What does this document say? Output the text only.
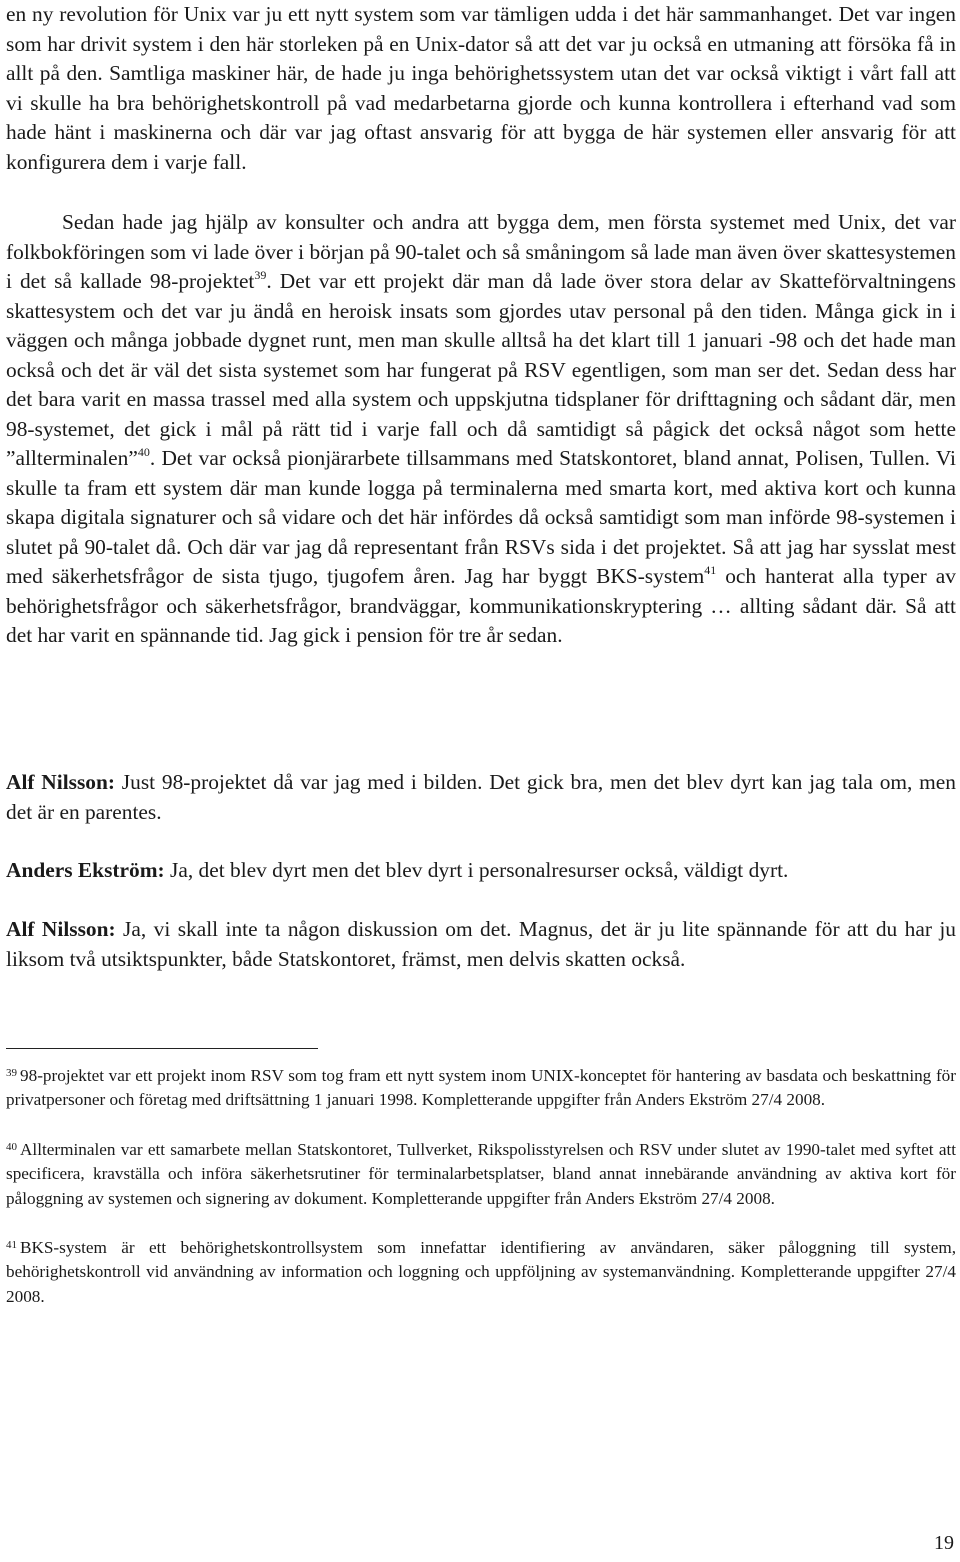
en ny revolution för Unix var ju ett nytt system som var tämligen udda i det här sammanhanget. Det var ingen som har drivit system i den här storleken på en Unix-dator så att det var ju också en utmaning att försöka få in allt på den. Samtliga maskiner här, de hade ju inga behörighetssystem utan det var också viktigt i vårt fall att vi skulle ha bra behörighetskontroll på vad medarbetarna gjorde och kunna kontrollera i efterhand vad som hade hänt i maskinerna och där var jag oftast ansvarig för att bygga de här systemen eller ansvarig för att konfigurera dem i varje fall.

Sedan hade jag hjälp av konsulter och andra att bygga dem, men första systemet med Unix, det var folkbokföringen som vi lade över i början på 90-talet och så småningom så lade man även över skattesystemen i det så kallade 98-projektet$^{39}$. Det var ett projekt där man då lade över stora delar av Skatteförvaltningens skattesystem och det var ju ändå en heroisk insats som gjordes utav personal på den tiden. Många gick in i väggen och många jobbade dygnet runt, men man skulle alltså ha det klart till 1 januari -98 och det hade man också och det är väl det sista systemet som har fungerat på RSV egentligen, som man ser det. Sedan dess har det bara varit en massa trassel med alla system och uppskjutna tidsplaner för drifttagning och sådant där, men 98-systemet, det gick i mål på rätt tid i varje fall och då samtidigt så pågick det också något som hette ”allterminalen”$^{40}$. Det var också pionjärarbete tillsammans med Statskontoret, bland annat, Polisen, Tullen. Vi skulle ta fram ett system där man kunde logga på terminalerna med smarta kort, med aktiva kort och kunna skapa digitala signaturer och så vidare och det här infördes då också samtidigt som man införde 98-systemen i slutet på 90-talet då. Och där var jag då representant från RSVs sida i det projektet. Så att jag har sysslat mest med säkerhetsfrågor de sista tjugo, tjugofem åren. Jag har byggt BKS-system$^{41}$ och hanterat alla typer av behörighetsfrågor och säkerhetsfrågor, brandväggar, kommunikationskryptering … allting sådant där. Så att det har varit en spännande tid. Jag gick i pension för tre år sedan.

Alf Nilsson: Just 98-projektet då var jag med i bilden. Det gick bra, men det blev dyrt kan jag tala om, men det är en parentes.

Anders Ekström: Ja, det blev dyrt men det blev dyrt i personalresurser också, väldigt dyrt.

Alf Nilsson: Ja, vi skall inte ta någon diskussion om det. Magnus, det är ju lite spännande för att du har ju liksom två utsiktspunkter, både Statskontoret, främst, men delvis skatten också.

$^{39}$ 98-projektet var ett projekt inom RSV som tog fram ett nytt system inom UNIX-konceptet för hantering av basdata och beskattning för privatpersoner och företag med driftsättning 1 januari 1998. Kompletterande uppgifter från Anders Ekström 27/4 2008.

$^{40}$ Allterminalen var ett samarbete mellan Statskontoret, Tullverket, Rikspolisstyrelsen och RSV under slutet av 1990-talet med syftet att specificera, kravställa och införa säkerhetsrutiner för terminalarbetsplatser, bland annat innebärande användning av aktiva kort för påloggning av systemen och signering av dokument. Kompletterande uppgifter från Anders Ekström 27/4 2008.

$^{41}$ BKS-system är ett behörighetskontrollsystem som innefattar identifiering av användaren, säker påloggning till system, behörighetskontroll vid användning av information och loggning och uppföljning av systemanvändning. Kompletterande uppgifter 27/4 2008.

19
